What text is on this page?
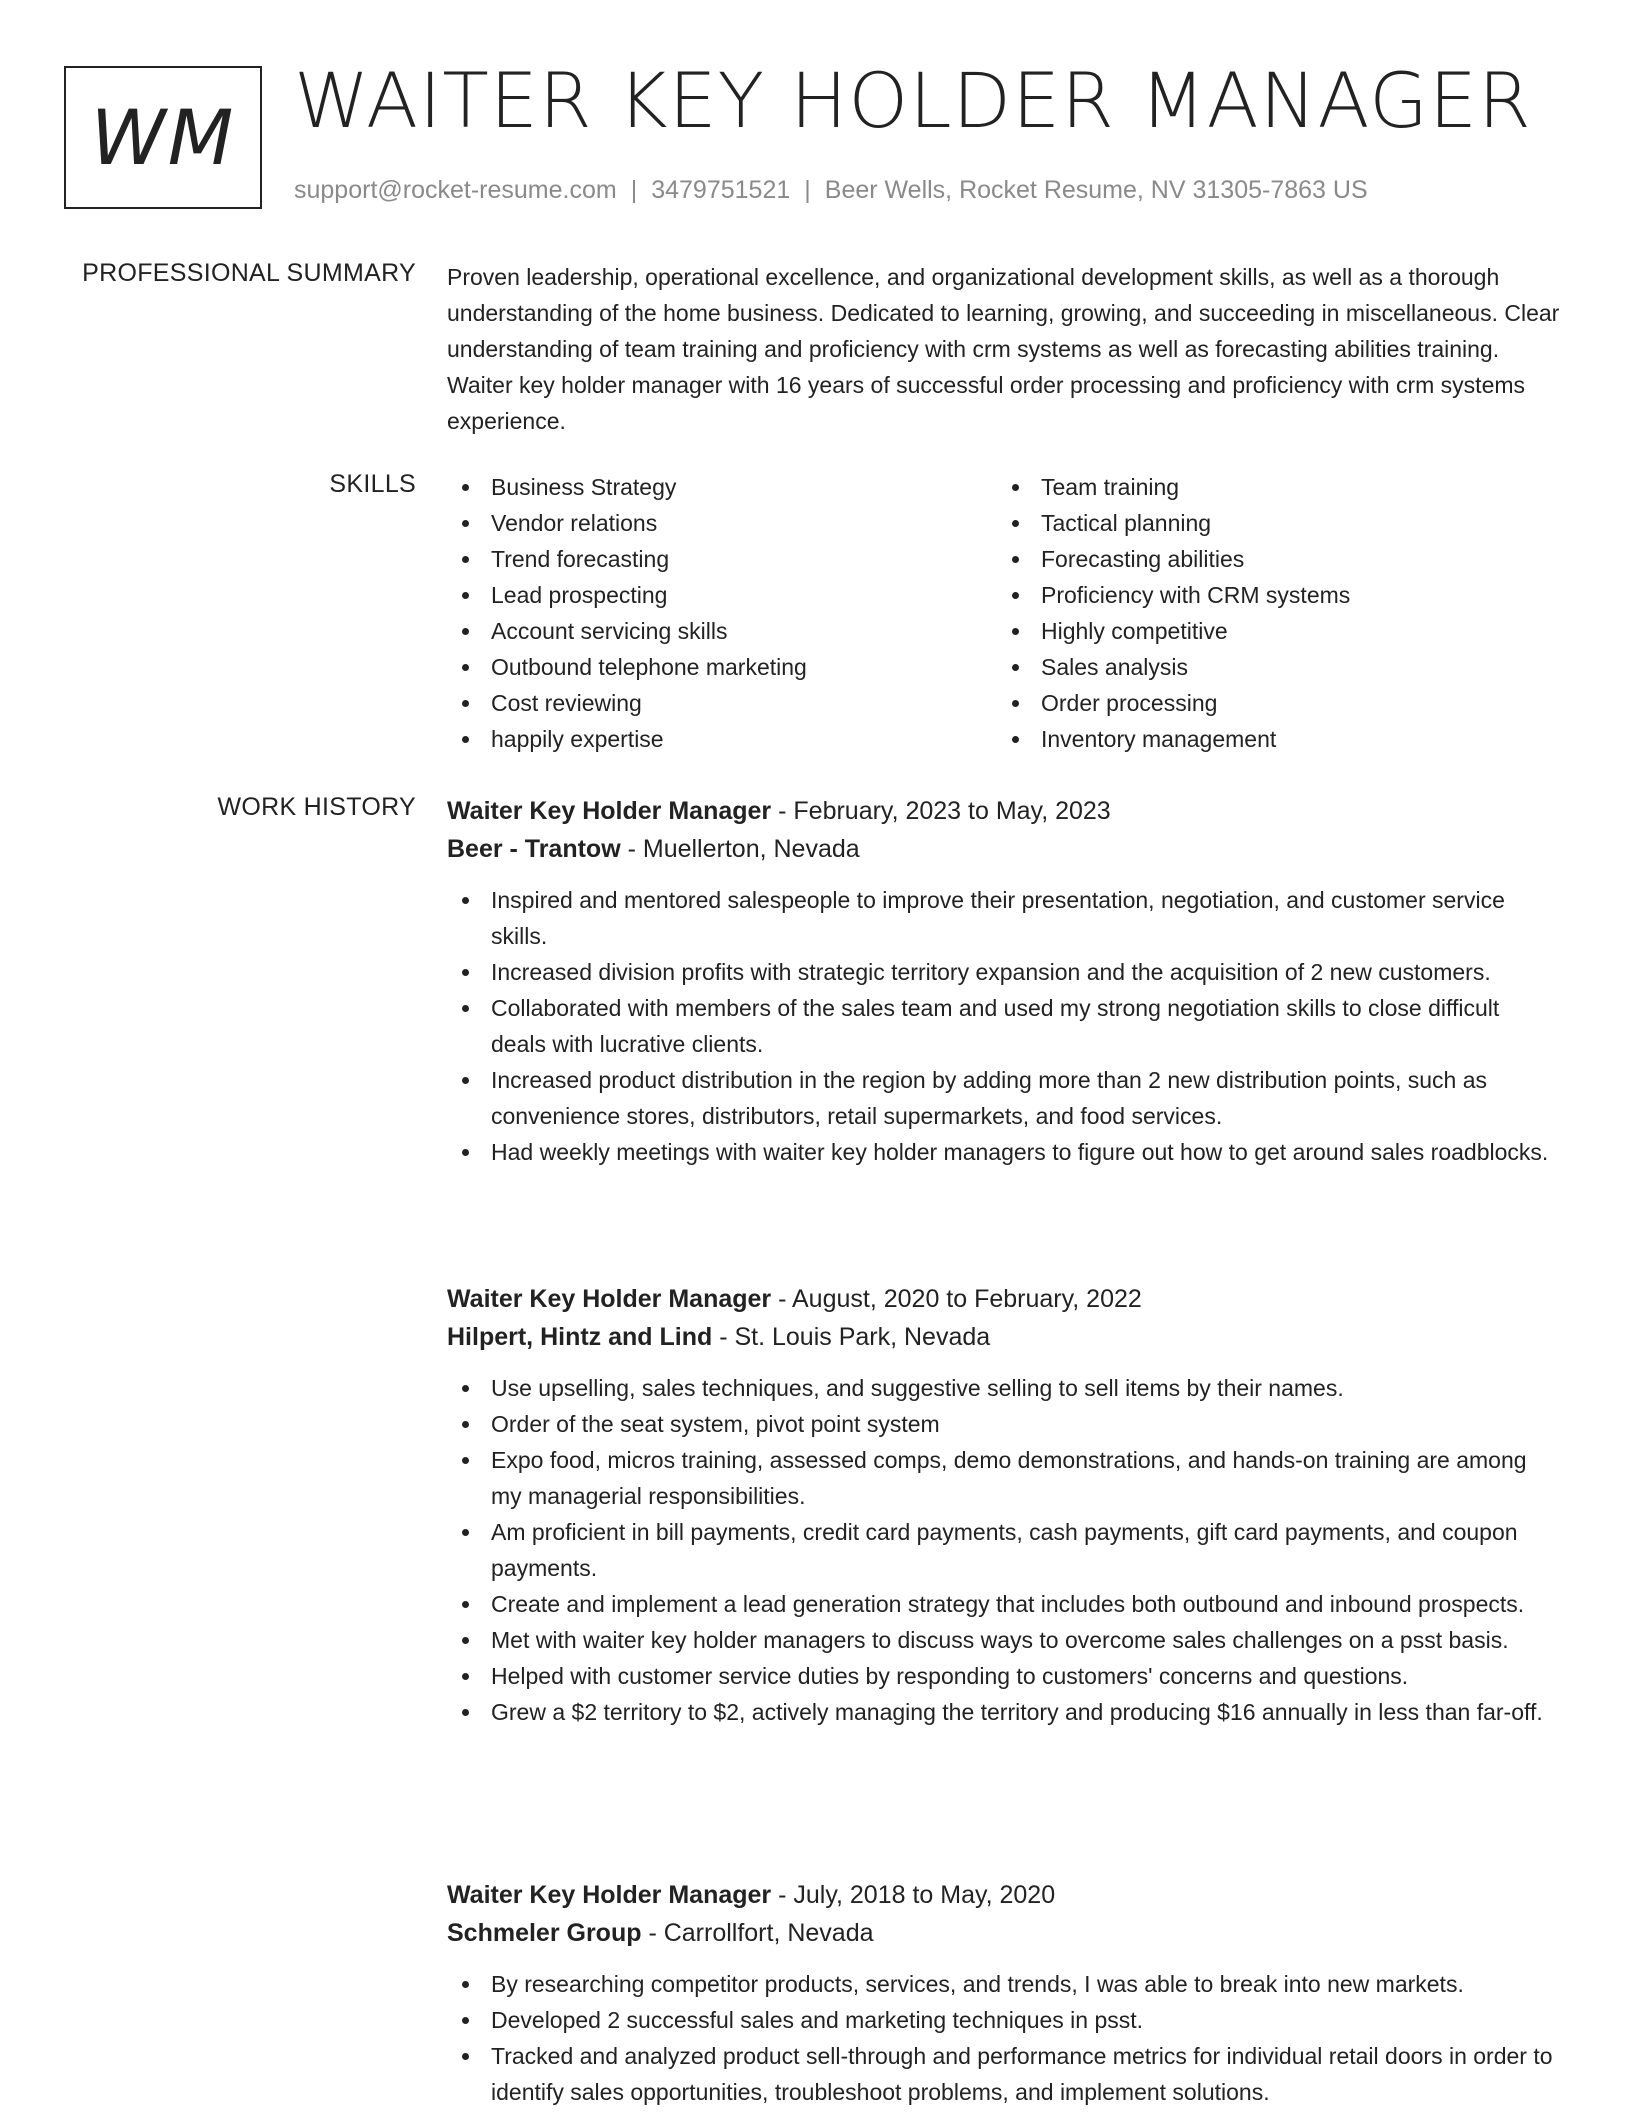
WM WAITER KEY HOLDER MANAGER
support@rocket-resume.com | 3479751521 | Beer Wells, Rocket Resume, NV 31305-7863 US
PROFESSIONAL SUMMARY Proven leadership, operational excellence, and organizational development skills, as well as a thorough understanding of the home business. Dedicated to learning, growing, and succeeding in miscellaneous. Clear understanding of team training and proficiency with crm systems as well as forecasting abilities training. Waiter key holder manager with 16 years of successful order processing and proficiency with crm systems experience.
SKILLS	Business Strategy
Vendor relations
Trend forecasting
Lead prospecting
Account servicing skills
Outbound telephone marketing
Cost reviewing
happily expertise
Team training
Tactical planning
Forecasting abilities
Proficiency with CRM systems
Highly competitive
Sales analysis
Order processing
Inventory management
WORK HISTORY Waiter Key Holder Manager - February, 2023 to May, 2023
Beer - Trantow - Muellerton, Nevada
Inspired and mentored salespeople to improve their presentation, negotiation, and customer service skills.
Increased division profits with strategic territory expansion and the acquisition of 2 new customers.
Collaborated with members of the sales team and used my strong negotiation skills to close difficult deals with lucrative clients.
Increased product distribution in the region by adding more than 2 new distribution points, such as convenience stores, distributors, retail supermarkets, and food services.
Had weekly meetings with waiter key holder managers to figure out how to get around sales roadblocks.
Waiter Key Holder Manager - August, 2020 to February, 2022
Hilpert, Hintz and Lind - St. Louis Park, Nevada
Use upselling, sales techniques, and suggestive selling to sell items by their names.
Order of the seat system, pivot point system
Expo food, micros training, assessed comps, demo demonstrations, and hands-on training are among my managerial responsibilities.
Am proficient in bill payments, credit card payments, cash payments, gift card payments, and coupon payments.
Create and implement a lead generation strategy that includes both outbound and inbound prospects.
Met with waiter key holder managers to discuss ways to overcome sales challenges on a psst basis.
Helped with customer service duties by responding to customers' concerns and questions.
Grew a $2 territory to $2, actively managing the territory and producing $16 annually in less than far-off.
Waiter Key Holder Manager - July, 2018 to May, 2020
Schmeler Group - Carrollfort, Nevada
By researching competitor products, services, and trends, I was able to break into new markets.
Developed 2 successful sales and marketing techniques in psst.
Tracked and analyzed product sell-through and performance metrics for individual retail doors in order to identify sales opportunities, troubleshoot problems, and implement solutions.
